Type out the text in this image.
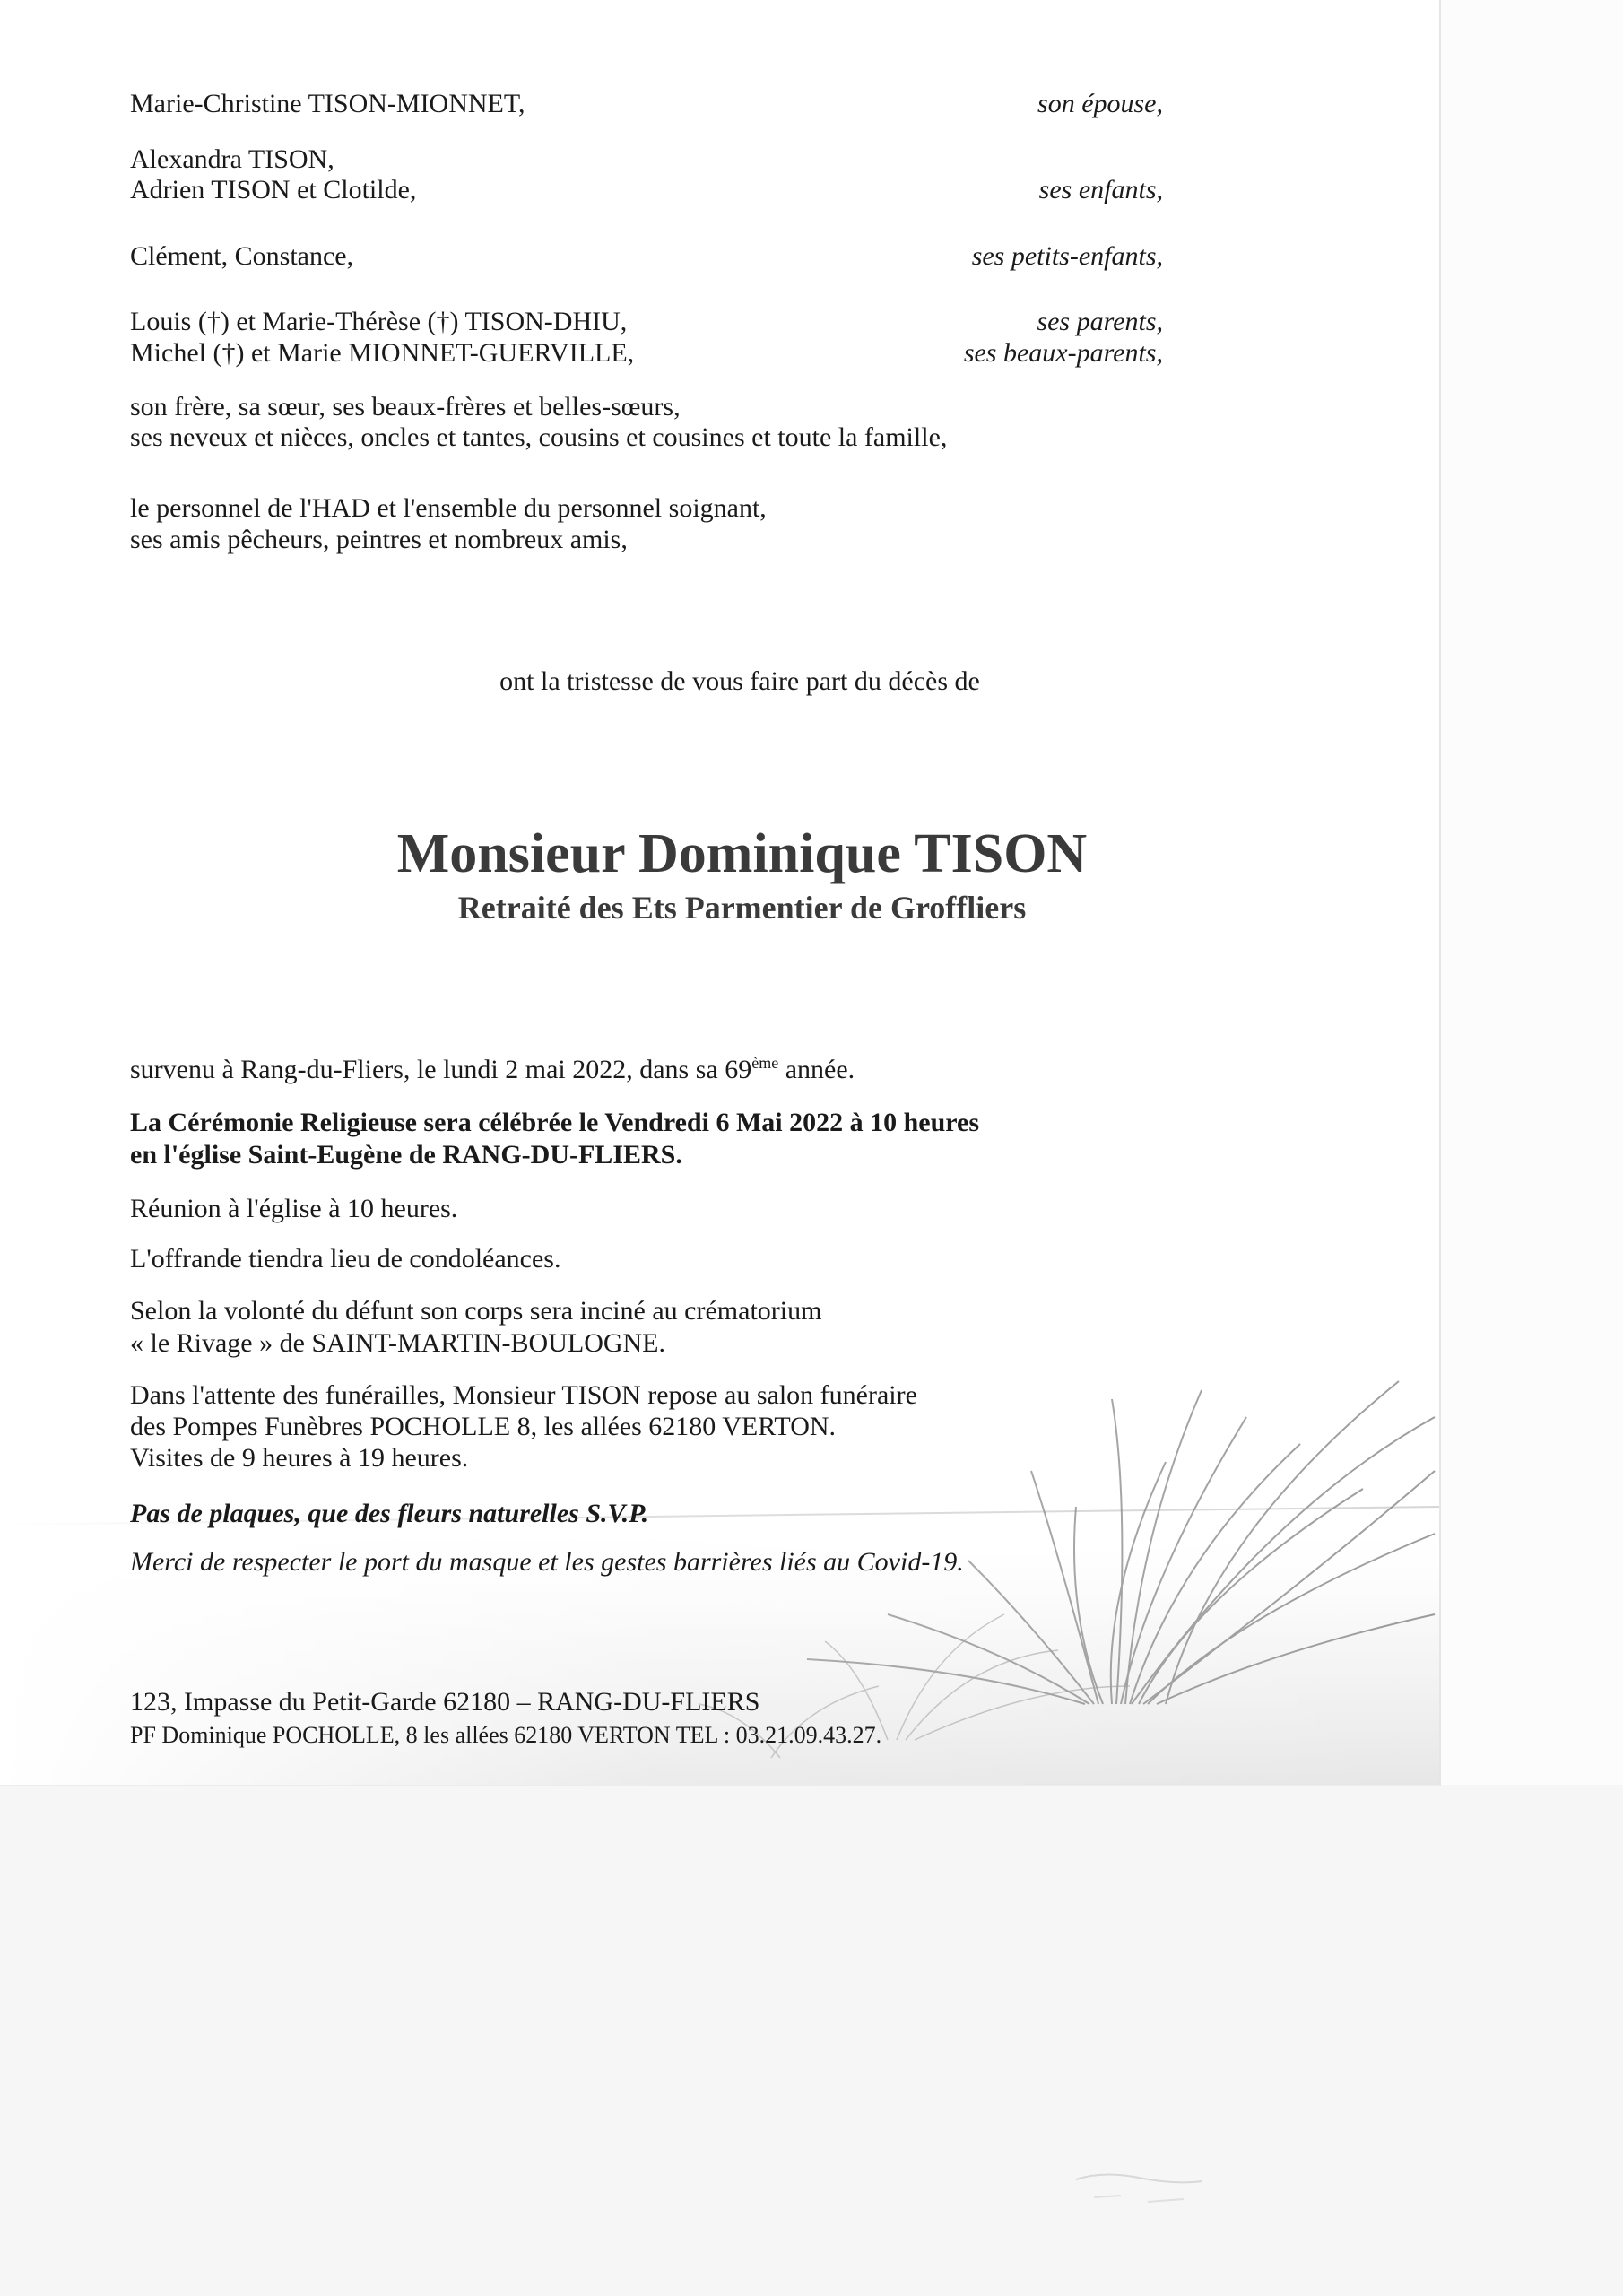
Marie-Christine TISON-MIONNET,	son épouse,
Alexandra TISON,
Adrien TISON et Clotilde,	ses enfants,
Clément, Constance,	ses petits-enfants,
Louis (†) et Marie-Thérèse (†) TISON-DHIU,	ses parents,
Michel (†) et Marie MIONNET-GUERVILLE,	ses beaux-parents,
son frère, sa sœur, ses beaux-frères et belles-sœurs,
ses neveux et nièces, oncles et tantes, cousins et cousines et toute la famille,
le personnel de l'HAD et l'ensemble du personnel soignant,
ses amis pêcheurs, peintres et nombreux amis,
ont la tristesse de vous faire part du décès de
Monsieur Dominique TISON
Retraité des Ets Parmentier de Groffliers
survenu à Rang-du-Fliers, le lundi 2 mai 2022, dans sa 69ème année.
La Cérémonie Religieuse sera célébrée le Vendredi 6 Mai 2022 à 10 heures
en l'église Saint-Eugène de RANG-DU-FLIERS.
Réunion à l'église à 10 heures.
L'offrande tiendra lieu de condoléances.
Selon la volonté du défunt son corps sera inciné au crématorium
« le Rivage » de SAINT-MARTIN-BOULOGNE.
Dans l'attente des funérailles, Monsieur TISON repose au salon funéraire
des Pompes Funèbres POCHOLLE 8, les allées 62180 VERTON.
Visites de 9 heures à 19 heures.
Pas de plaques, que des fleurs naturelles S.V.P.
Merci de respecter le port du masque et les gestes barrières liés au Covid-19.
123, Impasse du Petit-Garde 62180 – RANG-DU-FLIERS
PF Dominique POCHOLLE, 8 les allées 62180 VERTON TEL : 03.21.09.43.27.
